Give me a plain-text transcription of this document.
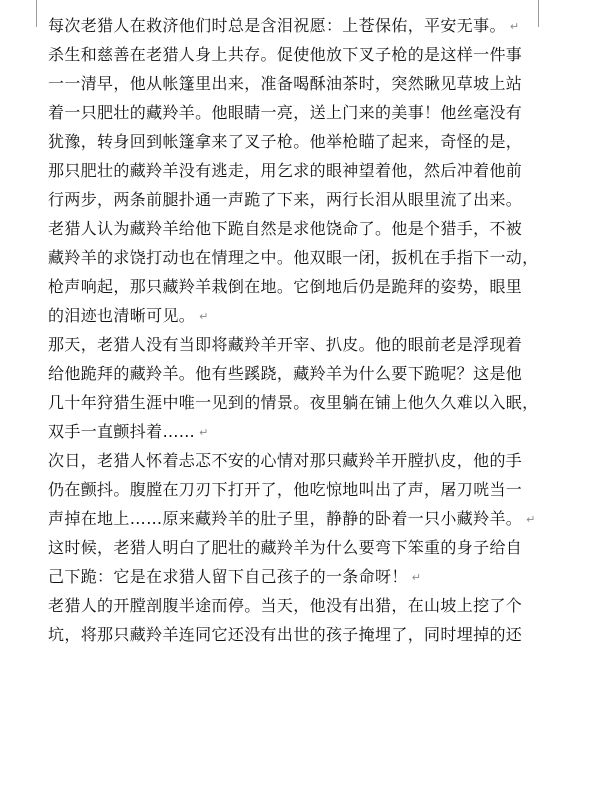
每次老猎人在救济他们时总是含泪祝愿：上苍保佑，平安无事。 ↵
杀生和慈善在老猎人身上共存。促使他放下叉子枪的是这样一件事
一一清早，他从帐篷里出来，准备喝酥油茶时，突然瞅见草坡上站
着一只肥壮的藏羚羊。他眼睛一亮，送上门来的美事！他丝毫没有
犹豫，转身回到帐篷拿来了叉子枪。他举枪瞄了起来，奇怪的是，
那只肥壮的藏羚羊没有逃走，用乞求的眼神望着他，然后冲着他前
行两步，两条前腿扑通一声跪了下来，两行长泪从眼里流了出来。
老猎人认为藏羚羊给他下跪自然是求他饶命了。他是个猎手，不被
藏羚羊的求饶打动也在情理之中。他双眼一闭，扳机在手指下一动，
枪声响起，那只藏羚羊栽倒在地。它倒地后仍是跪拜的姿势，眼里
的泪迹也清晰可见。 ↵
那天，老猎人没有当即将藏羚羊开宰、扒皮。他的眼前老是浮现着
给他跪拜的藏羚羊。他有些蹊跷，藏羚羊为什么要下跪呢？这是他
几十年狩猎生涯中唯一见到的情景。夜里躺在铺上他久久难以入眠，
双手一直颤抖着…… ↵
次日，老猎人怀着忐忑不安的心情对那只藏羚羊开膛扒皮，他的手
仍在颤抖。腹膛在刀刃下打开了，他吃惊地叫出了声，屠刀咣当一
声掉在地上……原来藏羚羊的肚子里，静静的卧着一只小藏羚羊。 ↵
这时候，老猎人明白了肥壮的藏羚羊为什么要弯下笨重的身子给自
己下跪：它是在求猎人留下自己孩子的一条命呀！ ↵
老猎人的开膛剖腹半途而停。当天，他没有出猎，在山坡上挖了个
坑，将那只藏羚羊连同它还没有出世的孩子掩埋了，同时埋掉的还
